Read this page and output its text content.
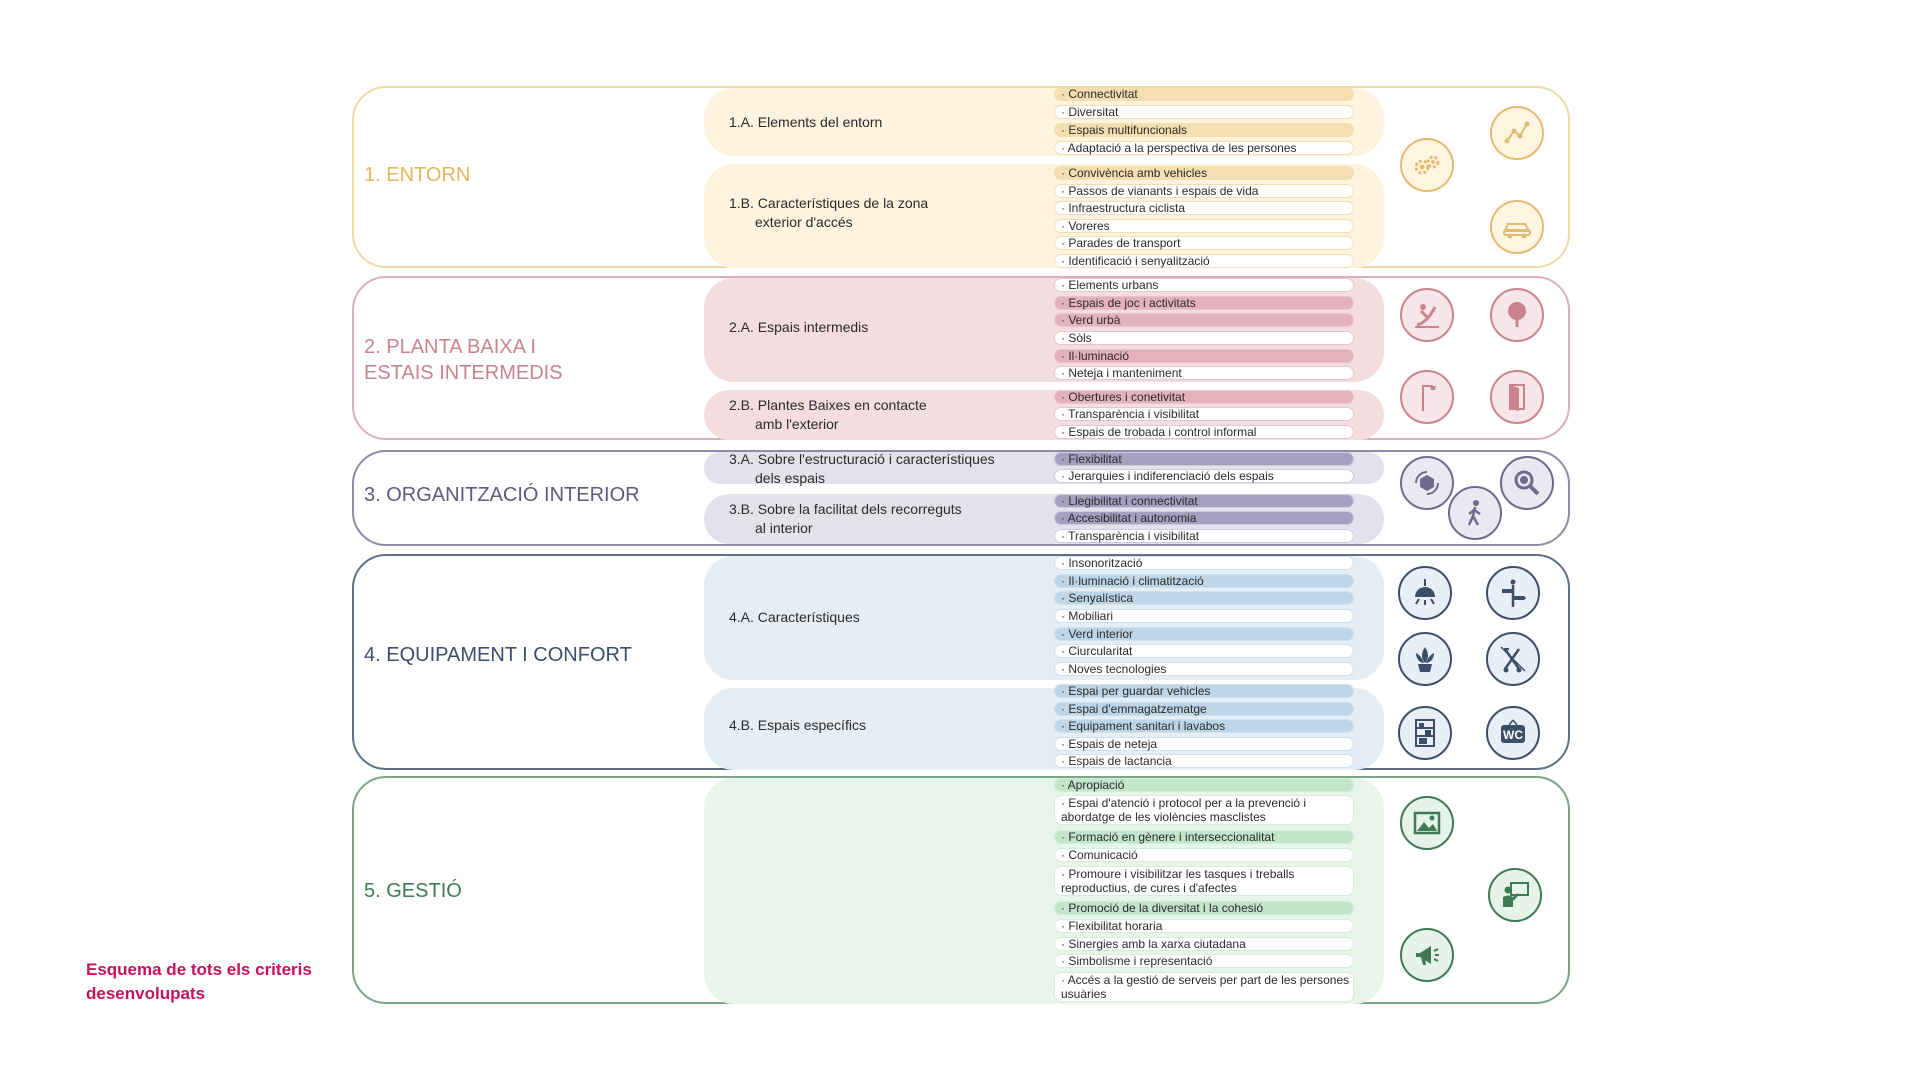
1. ENTORN
1.A. Elements del entorn
1.B. Característiques de la zona
exterior d'accés
· Connectivitat
· Diversitat
· Espais multifuncionals
· Adaptació a la perspectiva de les persones
· Convivència amb vehicles
· Passos de vianants i espais de vida
· Infraestructura ciclista
· Voreres
· Parades de transport
· Identificació i senyalització
2. PLANTA BAIXA I
ESTAIS INTERMEDIS
2.A. Espais intermedis
2.B. Plantes Baixes en contacte
amb l'exterior
· Elements urbans
· Espais de joc i activitats
· Verd urbà
· Sòls
· Il·luminació
· Neteja i manteniment
· Obertures i conetivitat
· Transparència i visibilitat
· Espais de trobada i control informal
3. ORGANITZACIÓ INTERIOR
3.A. Sobre l'estructuració i característiques
dels espais
3.B. Sobre la facilitat dels recorreguts
al interior
· Flexibilitat
· Jerarquies i indiferenciació dels espais
· Llegibilitat i connectivitat
· Accesibilitat i autonomia
· Transparència i visibilitat
4. EQUIPAMENT I CONFORT
4.A. Característiques
4.B. Espais específics
· Insonorització
· Il·luminació i climatització
· Senyalística
· Mobiliari
· Verd interior
· Ciurcularitat
· Noves tecnologies
· Espai per guardar vehicles
· Espai d'emmagatzematge
· Equipament sanitari i lavabos
· Espais de neteja
· Espais de lactancia
WC
5. GESTIÓ
· Apropiació
· Espai d'atenció i protocol per a la prevenció i abordatge de les violències masclistes
· Formació en gènere i interseccionalitat
· Comunicació
· Promoure i visibilitzar les tasques i treballs reproductius, de cures i d'afectes
· Promoció de la diversitat i la cohesió
· Flexibilitat horaria
· Sinergies amb la xarxa ciutadana
· Simbolisme i representació
· Accés a la gestió de serveis per part de les persones usuàries
Esquema de tots els criteris
desenvolupats
